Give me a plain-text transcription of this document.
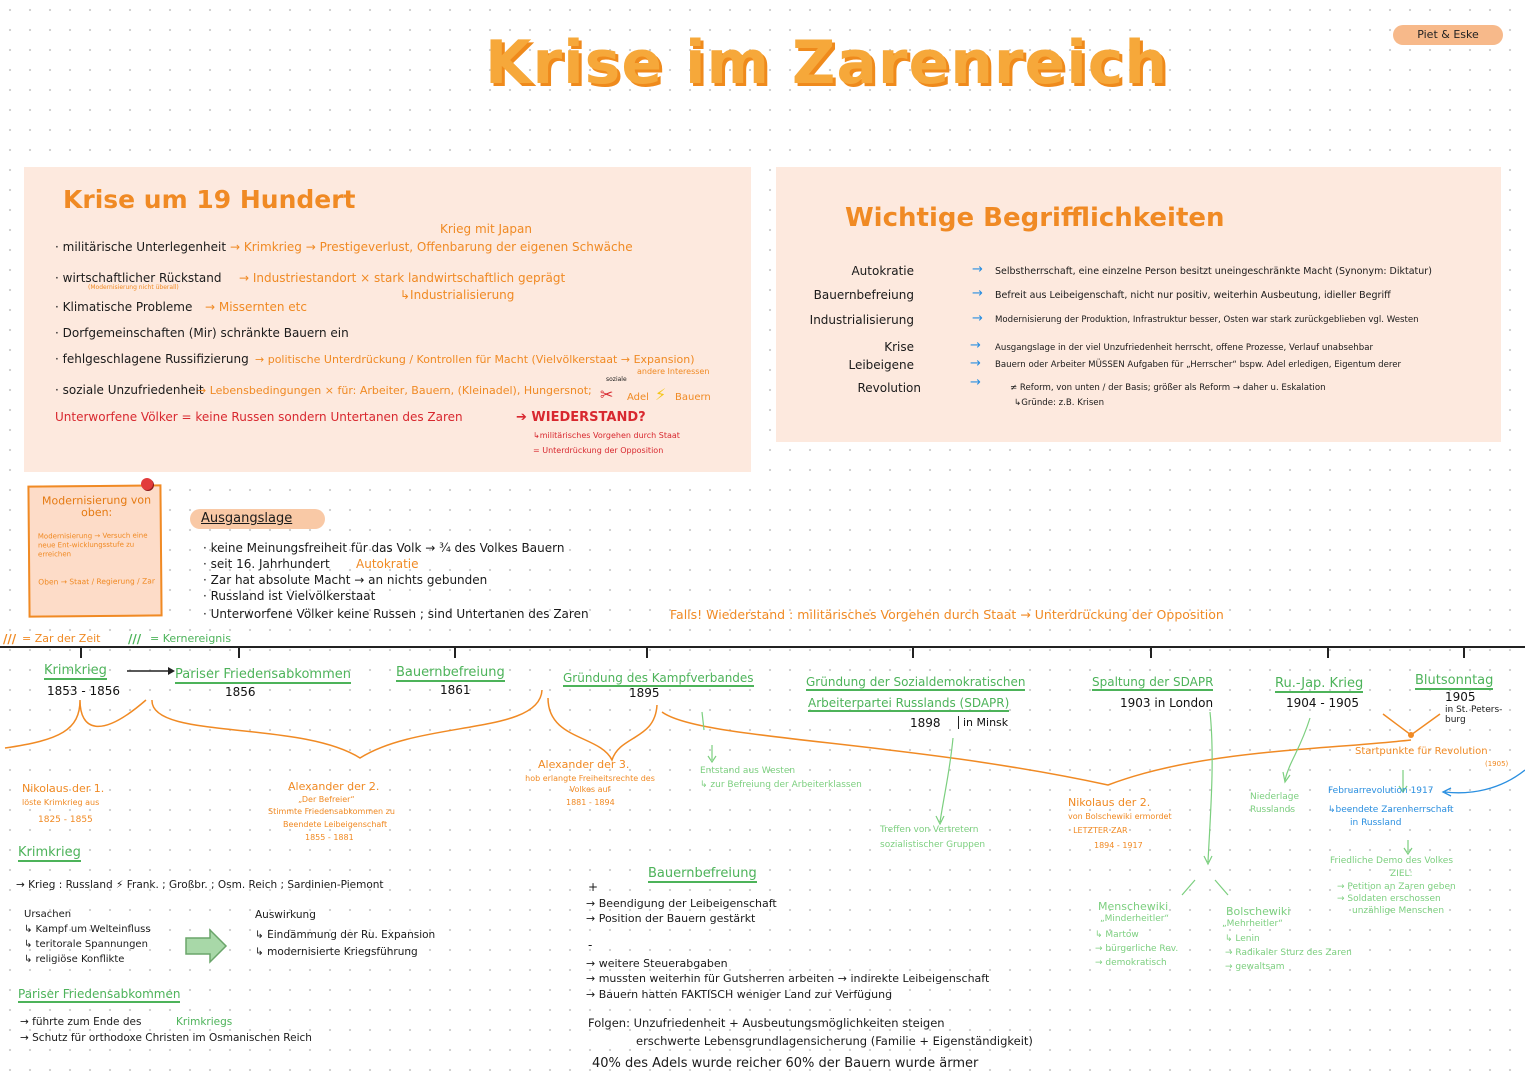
Krise im Zarenreich	Piet & Eske
Krise um 19 Hundert
Krieg mit Japan
· militärische Unterlegenheit → Krimkrieg → Prestigeverlust, Offenbarung der eigenen Schwäche
· wirtschaftlicher Rückstand
(Modernisierung nicht überall)
→ Industriestandort × stark landwirtschaftlich geprägt
↳Industrialisierung
· Klimatische Probleme → Missernten etc
· Dorfgemeinschaften (Mir) schränkte Bauern ein
· fehlgeschlagene Russifizierung → politische Unterdrückung / Kontrollen für Macht (Vielvölkerstaat → Expansion)
andere Interessen
· soziale Unzufriedenheit
→ Lebensbedingungen × für: Arbeiter, Bauern, (Kleinadel), Hungersnot;
soziale
✂ Adel ⚡ Bauern
Unterworfene Völker = keine Russen sondern Untertanen des Zaren	➔ WIEDERSTAND?
↳militärisches Vorgehen durch Staat
= Unterdrückung der Opposition
Wichtige Begrifflichkeiten
Autokratie	→ Selbstherrschaft, eine einzelne Person besitzt uneingeschränkte Macht (Synonym: Diktatur)
Bauernbefreiung	→ Befreit aus Leibeigenschaft, nicht nur positiv, weiterhin Ausbeutung, idieller Begriff
Industrialisierung	→ Modernisierung der Produktion, Infrastruktur besser, Osten war stark zurückgeblieben vgl. Westen
Krise	→ Ausgangslage in der viel Unzufriedenheit herrscht, offene Prozesse, Verlauf unabsehbar
Leibeigene	→ Bauern oder Arbeiter MÜSSEN Aufgaben für „Herrscher“ bspw. Adel erledigen, Eigentum derer
Revolution	→	≠ Reform, von unten / der Basis; größer als Reform → daher u. Eskalation
↳Gründe: z.B. Krisen
Modernisierung von oben:
Modernisierung → Versuch eine neue Ent-wicklungsstufe zu erreichen
Oben → Staat / Regierung / Zar
Ausgangslage
· keine Meinungsfreiheit für das Volk → ¾ des Volkes Bauern
· seit 16. Jahrhundert Autokratie
· Zar hat absolute Macht → an nichts gebunden
· Russland ist Vielvölkerstaat
· Unterworfene Völker keine Russen ; sind Untertanen des Zaren	Falls! Wiederstand : militärisches Vorgehen durch Staat → Unterdrückung der Opposition
/// = Zar der Zeit /// = Kernereignis
Krimkrieg
1853 - 1856
Pariser Friedensabkommen
1856
Bauernbefreiung
1861
Gründung des Kampfverbandes
1895
Gründung der Sozialdemokratischen
Arbeiterpartei Russlands (SDAPR)
1898	in Minsk
Spaltung der SDAPR
1903 in London
Ru.-Jap. Krieg
1904 - 1905
Blutsonntag
1905
in St. Peters-burg
Nikolaus der 1.
löste Krimkrieg aus
1825 - 1855
Alexander der 2.
„Der Befreier“
Stimmte Friedensabkommen zu
Beendete Leibeigenschaft
1855 - 1881
Alexander der 3.
hob erlangte Freiheitsrechte des Volkes auf
1881 - 1894	Nikolaus der 2.
von Bolschewiki ermordet
· LETZTER ZAR
1894 - 1917
Entstand aus Westen
↳ zur Befreiung der Arbeiterklassen
Treffen von Vertretern
sozialistischer Gruppen
Niederlage
Russlands
Startpunkte für Revolution
(1905)
Februarrevolution 1917
↳beendete Zarenherrschaft
in Russland
Friedliche Demo des Volkes
ZIEL:
→ Petition an Zaren geben
→ Soldaten erschossen
unzählige Menschen
Menschewiki
„Minderheitler“
↳ Martow
→ bürgerliche Rev.
→ demokratisch
Bolschewiki
„Mehrheitler“
↳ Lenin
→ Radikaler Sturz des Zaren
→ gewaltsam
Krimkrieg
→ Krieg : Russland ⚡ Frank. ; Großbr. ; Osm. Reich ; Sardinien-Piemont
Ursachen
↳ Kampf um Welteinfluss
↳ teritorale Spannungen
↳ religiöse Konflikte
Auswirkung
↳ Eindämmung der Ru. Expansion
↳ modernisierte Kriegsführung
Pariser Friedensabkommen
→ führte zum Ende des	Krimkriegs
→ Schutz für orthodoxe Christen im Osmanischen Reich
Bauernbefreiung
+
→ Beendigung der Leibeigenschaft
→ Position der Bauern gestärkt
-
→ weitere Steuerabgaben
→ mussten weiterhin für Gutsherren arbeiten → indirekte Leibeigenschaft
→ Bauern hatten FAKTISCH weniger Land zur Verfügung
Folgen: Unzufriedenheit + Ausbeutungsmöglichkeiten steigen
erschwerte Lebensgrundlagensicherung (Familie + Eigenständigkeit)
40% des Adels wurde reicher 60% der Bauern wurde ärmer
